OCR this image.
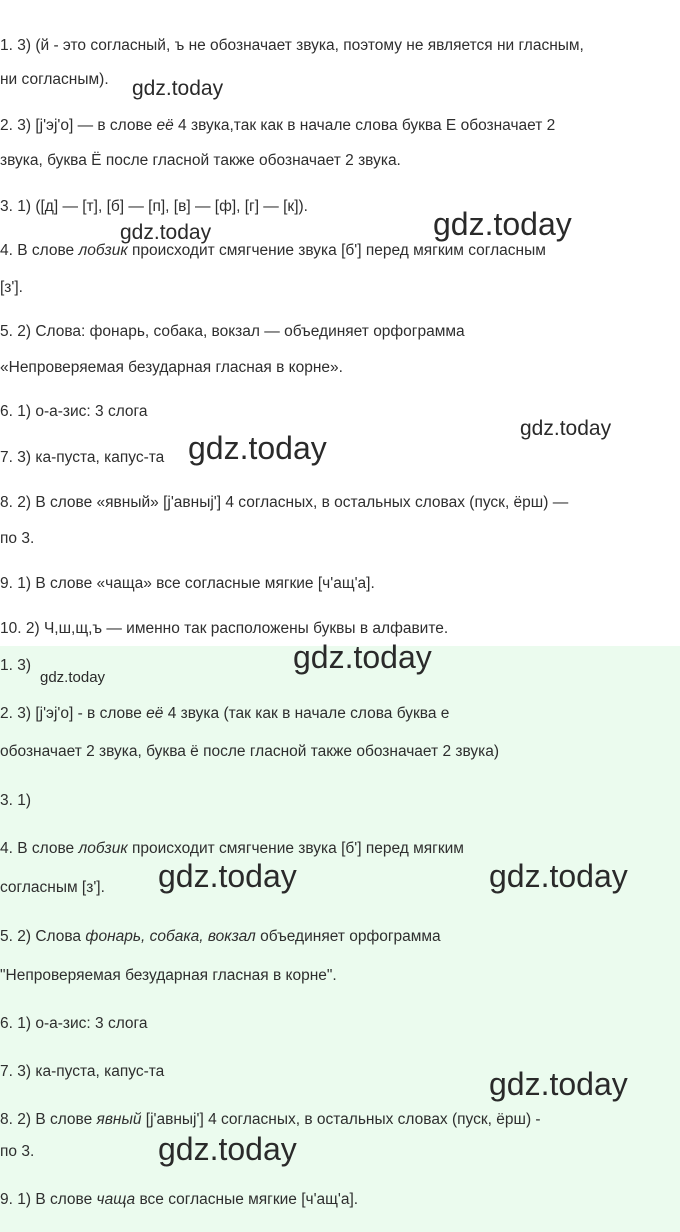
1. 3) (й - это согласный, ъ не обозначает звука, поэтому не является ни гласным,
ни согласным).
2. 3) [j'эj'о] — в слове её 4 звука,так как в начале слова буква Е обозначает 2
звука, буква Ё после гласной также обозначает 2 звука.
3. 1) ([д] — [т], [б] — [п], [в] — [ф], [г] — [к]).
4. В слове лобзик происходит смягчение звука [б'] перед мягким согласным
[з'].
5. 2) Слова: фонарь, собака, вокзал — объединяет орфограмма
«Непроверяемая безударная гласная в корне».
6. 1) о-а-зис: 3 слога
7. 3) ка-пуста, капус-та
8. 2) В слове «явный» [j'авныj'] 4 согласных, в остальных словах (пуск, ёрш) —
по 3.
9. 1) В слове «чаща» все согласные мягкие [ч'ащ'а].
10. 2) Ч,ш,щ,ъ — именно так расположены буквы в алфавите.
1. 3)
2. 3) [j'эj'о] - в слове её 4 звука (так как в начале слова буква е
обозначает 2 звука, буква ё после гласной также обозначает 2 звука)
3. 1)
4. В слове лобзик происходит смягчение звука [б'] перед мягким
согласным [з'].
5. 2) Слова фонарь, собака, вокзал объединяет орфограмма
"Непроверяемая безударная гласная в корне".
6. 1) о-а-зис: 3 слога
7. 3) ка-пуста, капус-та
8. 2) В слове явный [j'авныj'] 4 согласных, в остальных словах (пуск, ёрш) -
по 3.
9. 1) В слове чаща все согласные мягкие [ч'ащ'а].
gdz.today
gdz.today
gdz.today
gdz.today
gdz.today
gdz.today
gdz.today
gdz.today	gdz.today
gdz.today
gdz.today
